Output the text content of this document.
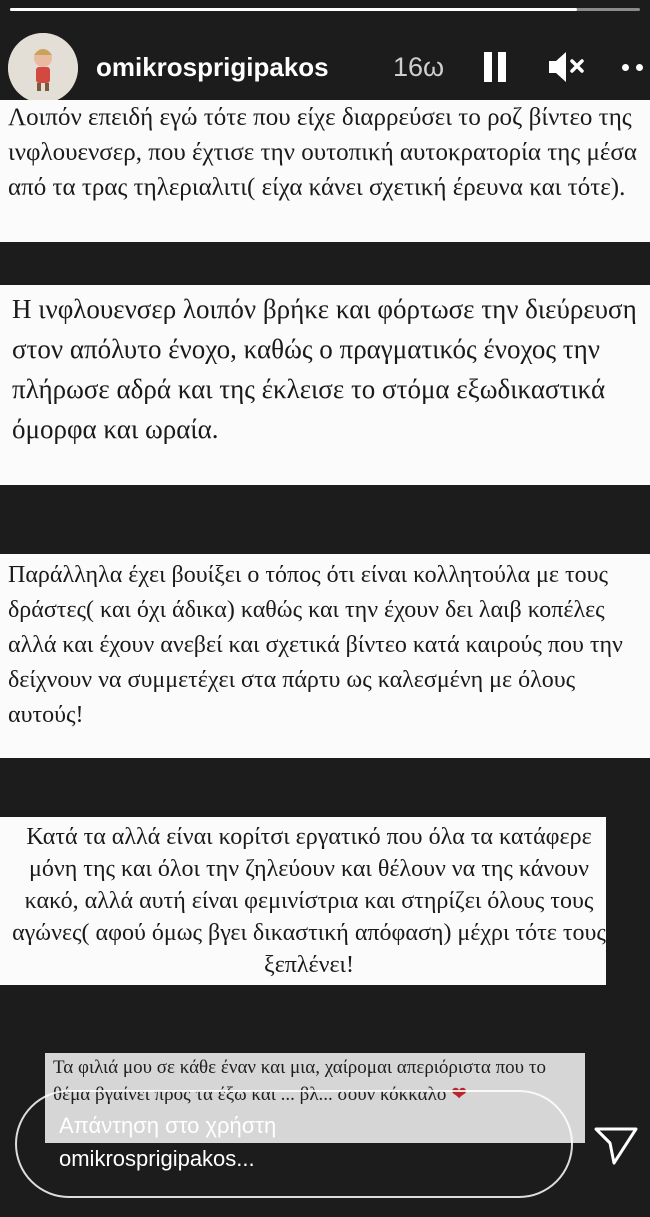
omikrosprigipakos 16ω

Λοιπόν επειδή εγώ τότε που είχε διαρρεύσει το ροζ βίντεο της ινφλουενσερ, που έχτισε την ουτοπική αυτοκρατορία της μέσα από τα τρας τηλεριαλιτι( είχα κάνει σχετική έρευνα και τότε).

Η ινφλουενσερ λοιπόν βρήκε και φόρτωσε την διεύρευση στον απόλυτο ένοχο, καθώς ο πραγματικός ένοχος την πλήρωσε αδρά και της έκλεισε το στόμα εξωδικαστικά όμορφα και ωραία.

Παράλληλα έχει βουίξει ο τόπος ότι είναι κολλητούλα με τους δράστες( και όχι άδικα) καθώς και την έχουν δει λαιβ κοπέλες αλλά και έχουν ανεβεί και σχετικά βίντεο κατά καιρούς που την δείχνουν να συμμετέχει στα πάρτυ ως καλεσμένη με όλους αυτούς!

Κατά τα αλλά είναι κορίτσι εργατικό που όλα τα κατάφερε μόνη της και όλοι την ζηλεύουν και θέλουν να της κάνουν κακό, αλλά αυτή είναι φεμινίστρια και στηρίζει όλους τους αγώνες( αφού όμως βγει δικαστική απόφαση) μέχρι τότε τους ξεπλένει!

Τα φιλιά μου σε κάθε έναν και μια, χαίρομαι απεριόριστα που το θέμα βγαίνει προς τα έξω και ... βλ... σουν κόκκαλο ❤

Απάντηση στο χρήστη
omikrosprigipakos...
